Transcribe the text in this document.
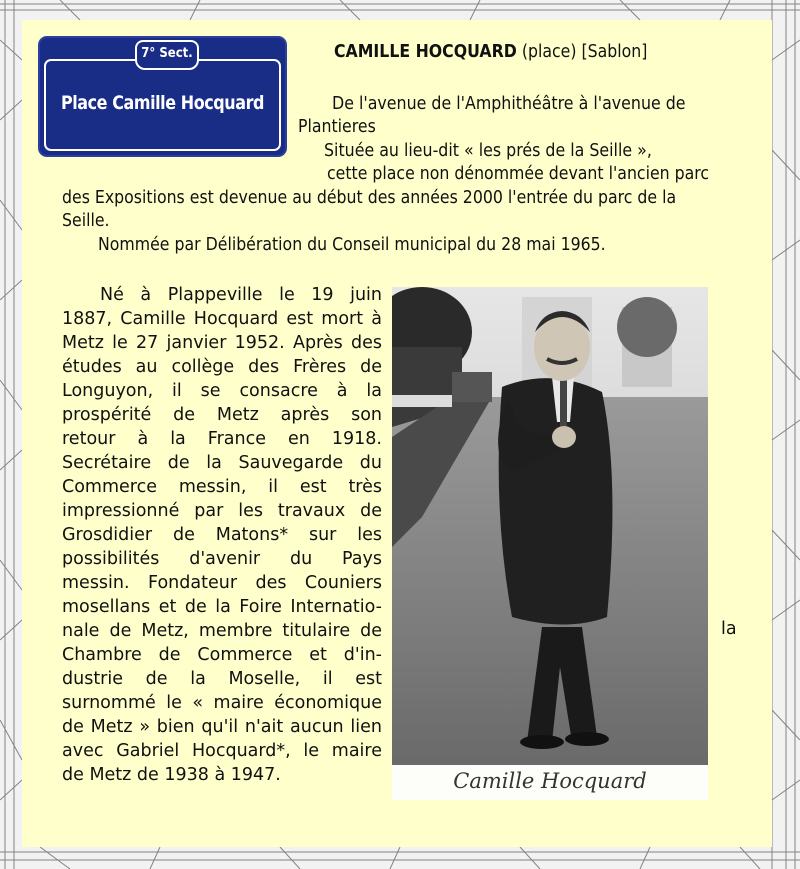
7° Sect.
Place Camille Hocquard
CAMILLE HOCQUARD (place) [Sablon]
De l'avenue de l'Amphithéâtre à l'avenue de
Plantieres
Située au lieu-dit « les prés de la Seille »,
cette place non dénommée devant l'ancien parc
des Expositions est devenue au début des années 2000 l'entrée du parc de la
Seille.
Nommée par Délibération du Conseil municipal du 28 mai 1965.
Né à Plappeville le 19 juin
1887, Camille Hocquard est mort à
Metz le 27 janvier 1952. Après des
études au collège des Frères de
Longuyon, il se consacre à la
prospérité de Metz après son
retour à la France en 1918.
Secrétaire de la Sauvegarde du
Commerce messin, il est très
impressionné par les travaux de
Grosdidier de Matons* sur les
possibilités d'avenir du Pays
messin. Fondateur des Couniers
mosellans et de la Foire Internatio-
nale de Metz, membre titulaire de
Chambre de Commerce et d'in-
dustrie de la Moselle, il est
surnommé le « maire économique
de Metz » bien qu'il n'ait aucun lien
avec Gabriel Hocquard*, le maire
de Metz de 1938 à 1947.
la
Camille Hocquard
